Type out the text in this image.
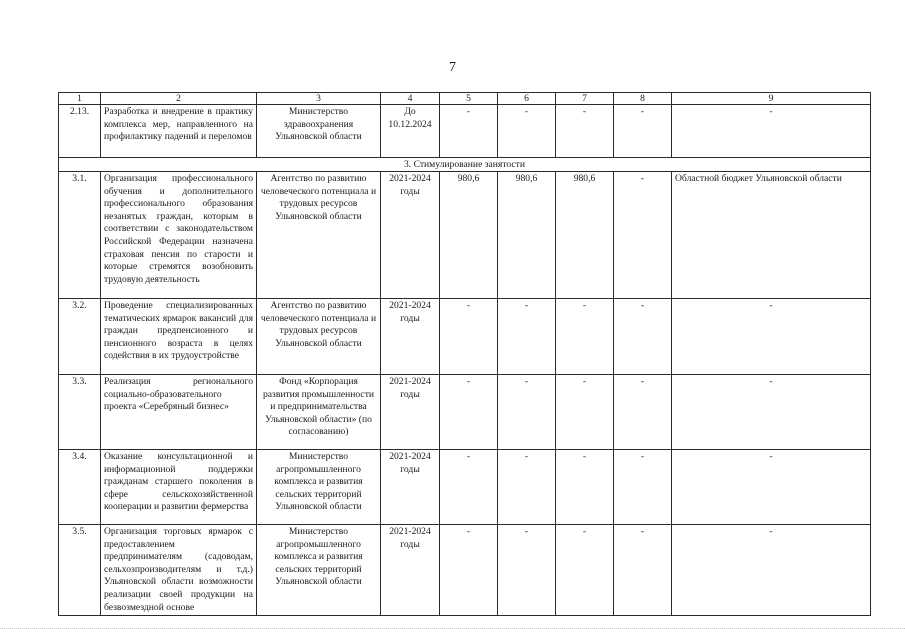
7
1	2	3	4	5	6	7	8	9
2.13.	Разработка и внедрение в практику комплекса мер, направленного на профилактику падений и переломов	Министерство здравоохранения Ульяновской области	До 10.12.2024	-	-	-	-	-
3. Стимулирование занятости								
3.1.	Организация профессионального обучения и дополнительного профессионального образования незанятых граждан, которым в соответствии с законодательством Российской Федерации назначена страховая пенсия по старости и которые стремятся возобновить трудовую деятельность	Агентство по развитию человеческого потенциала и трудовых ресурсов Ульяновской области	2021-2024 годы	980,6	980,6	980,6	-	Областной бюджет Ульяновской области
3.2.	Проведение специализированных тематических ярмарок вакансий для граждан предпенсионного и пенсионного возраста в целях содействия в их трудоустройстве	Агентство по развитию человеческого потенциала и трудовых ресурсов Ульяновской области	2021-2024 годы	-	-	-	-	-
3.3.	Реализация регионального социально-образовательного проекта «Серебряный бизнес»	Фонд «Корпорация развития промышленности и предпринимательства Ульяновской области» (по согласованию)	2021-2024 годы	-	-	-	-	-
3.4.	Оказание консультационной и информационной поддержки гражданам старшего поколения в сфере сельскохозяйственной кооперации и развитии фермерства	Министерство агропромышленного комплекса и развития сельских территорий Ульяновской области	2021-2024 годы	-	-	-	-	-
3.5.	Организация торговых ярмарок с предоставлением предпринимателям (садоводам, сельхозпроизводителям и т.д.) Ульяновской области возможности реализации своей продукции на безвозмездной основе	Министерство агропромышленного комплекса и развития сельских территорий Ульяновской области	2021-2024 годы	-	-	-	-	-
